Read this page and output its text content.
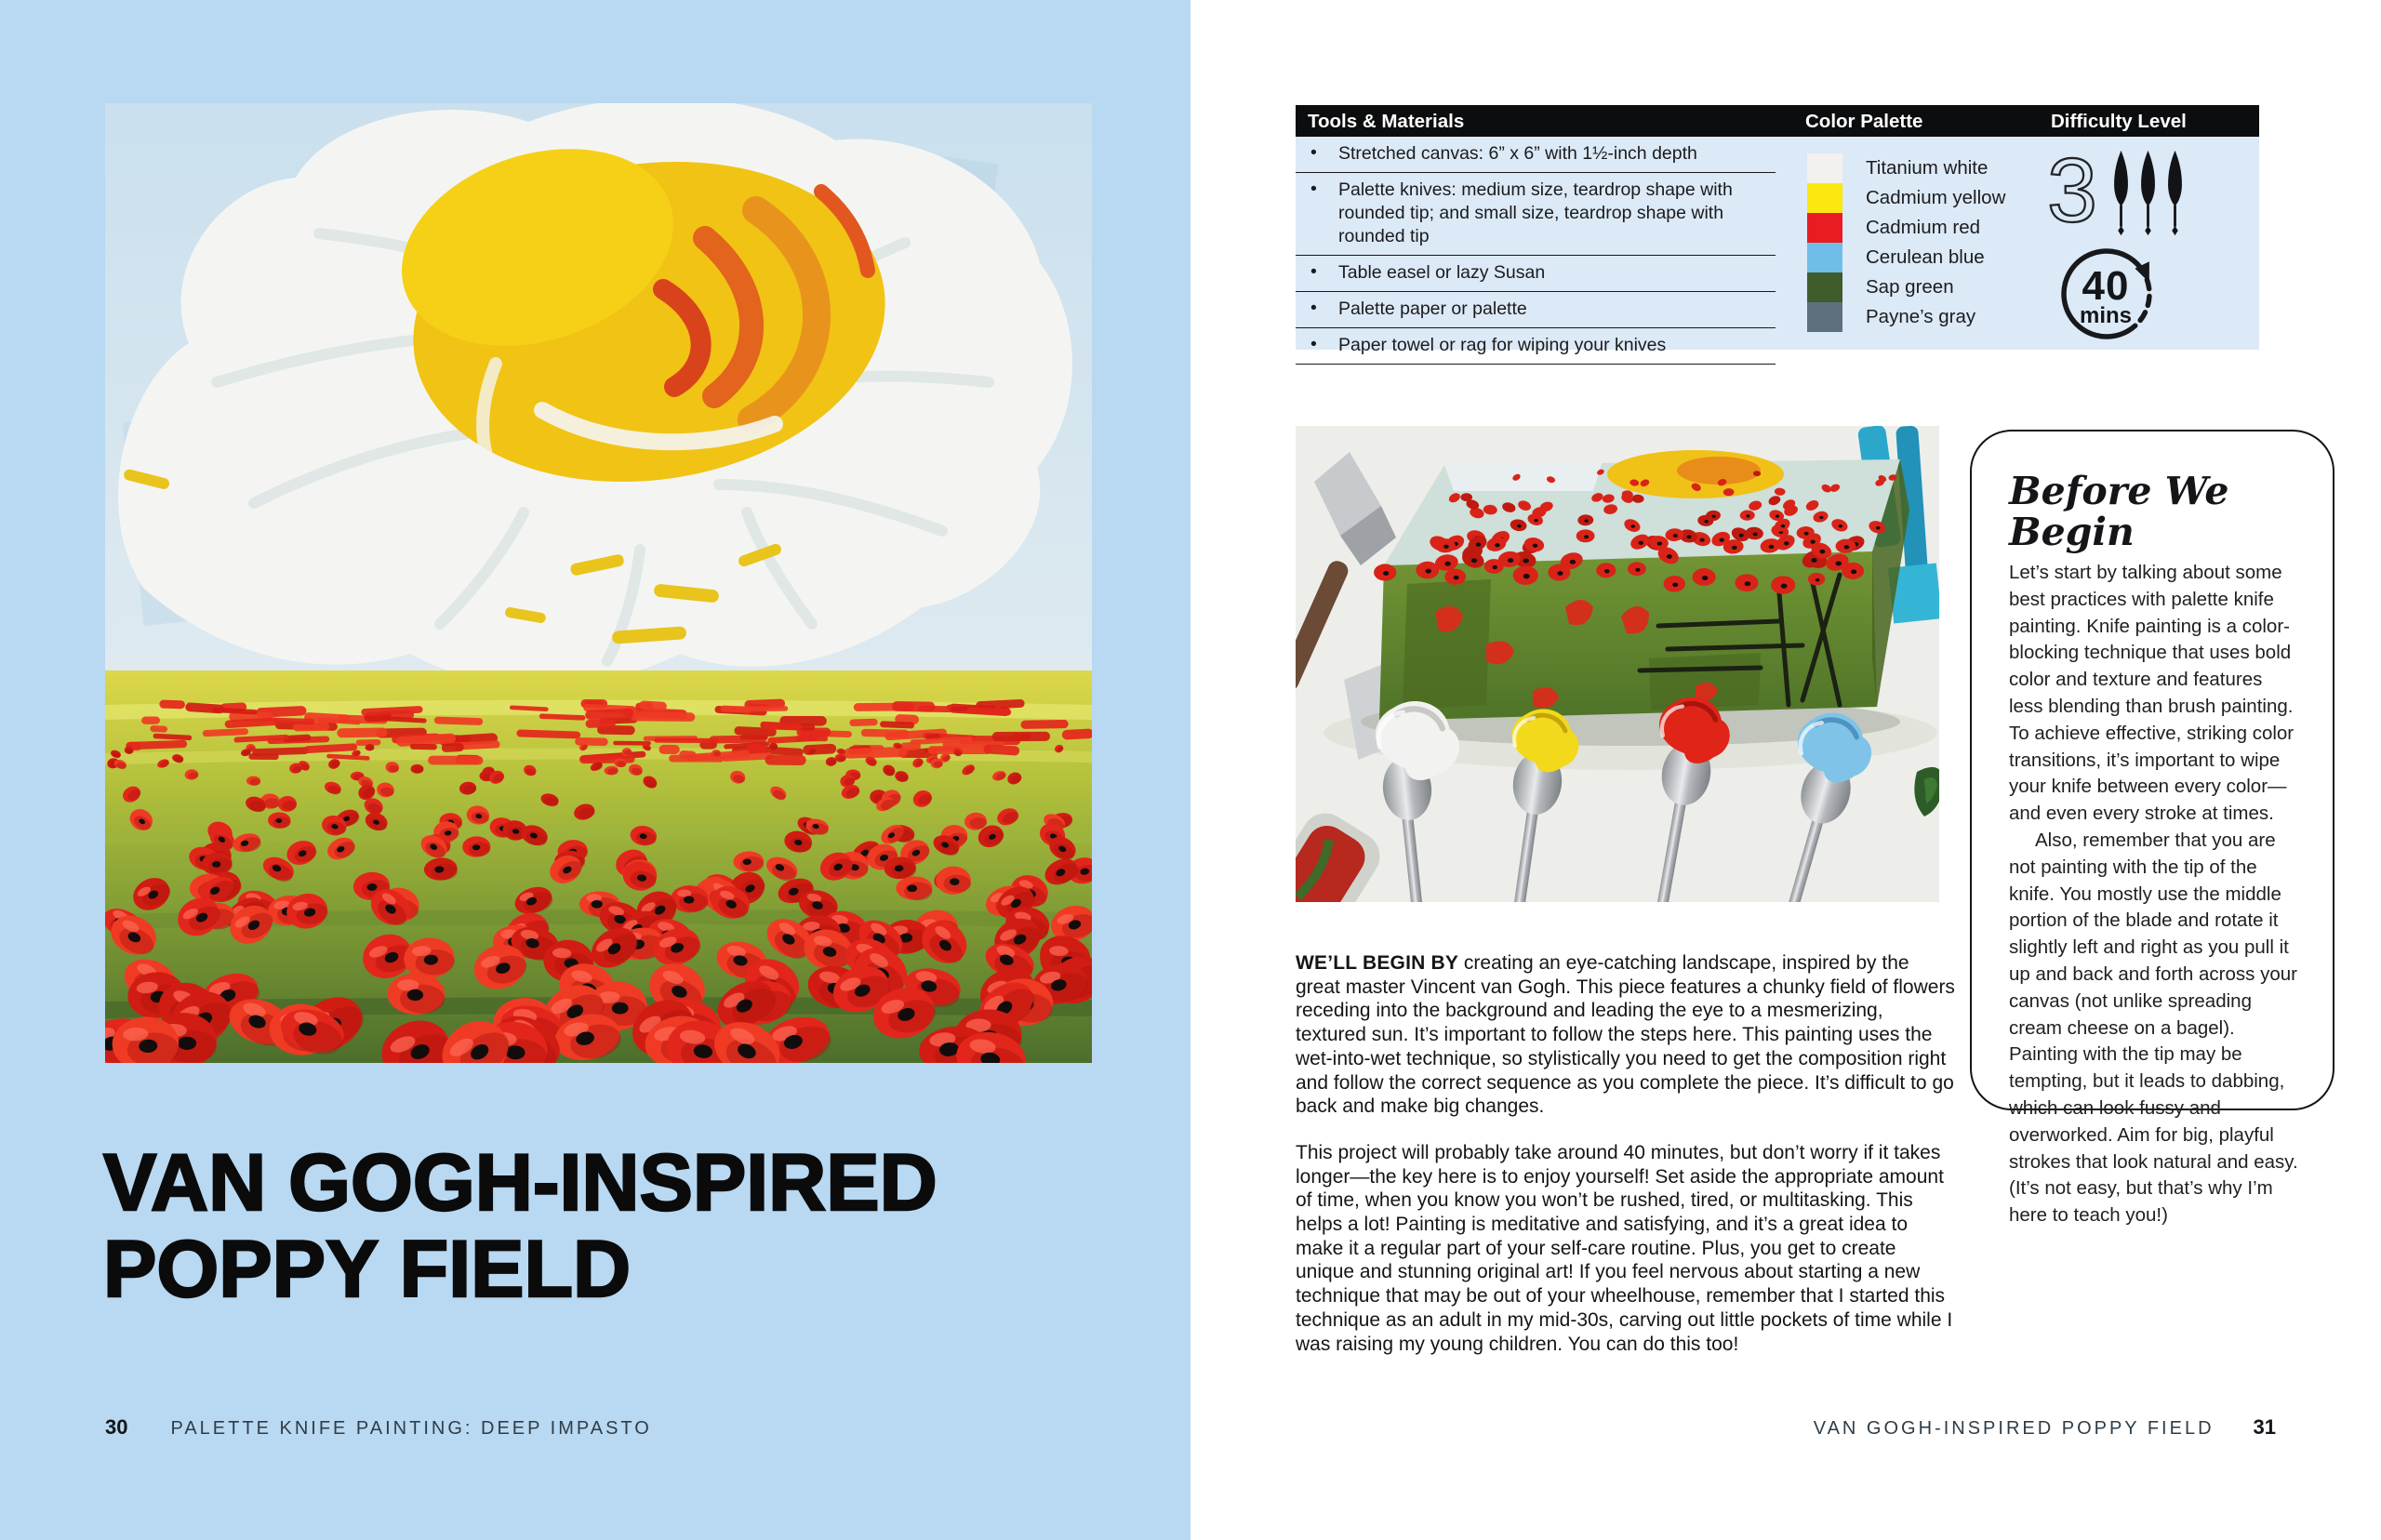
VAN GOGH-INSPIRED
POPPY FIELD
30 PALETTE KNIFE PAINTING: DEEP IMPASTO
Tools & Materials	Color Palette	Difficulty Level
• Stretched canvas: 6” x 6” with 1½-inch depth
• Palette knives: medium size, teardrop shape with rounded tip; and small size, teardrop shape with rounded tip
• Table easel or lazy Susan
• Palette paper or palette
• Paper towel or rag for wiping your knives
Titanium white
Cadmium yellow
Cadmium red
Cerulean blue
Sap green
Payne’s gray
3
40
mins
Before We Begin
Let’s start by talking about some best practices with palette knife painting. Knife painting is a color-blocking technique that uses bold color and texture and features less blending than brush painting. To achieve effective, striking color transitions, it’s important to wipe your knife between every color—and even every stroke at times.
Also, remember that you are not painting with the tip of the knife. You mostly use the middle portion of the blade and rotate it slightly left and right as you pull it up and back and forth across your canvas (not unlike spreading cream cheese on a bagel). Painting with the tip may be tempting, but it leads to dabbing, which can look fussy and overworked. Aim for big, playful strokes that look natural and easy. (It’s not easy, but that’s why I’m here to teach you!)
WE’LL BEGIN BY creating an eye-catching landscape, inspired by the great master Vincent van Gogh. This piece features a chunky field of flowers receding into the background and leading the eye to a mesmerizing, textured sun. It’s important to follow the steps here. This painting uses the wet-into-wet technique, so stylistically you need to get the composition right and follow the correct sequence as you complete the piece. It’s difficult to go back and make big changes.
This project will probably take around 40 minutes, but don’t worry if it takes longer—the key here is to enjoy yourself! Set aside the appropriate amount of time, when you know you won’t be rushed, tired, or multitasking. This helps a lot! Painting is meditative and satisfying, and it’s a great idea to make it a regular part of your self-care routine. Plus, you get to create unique and stunning original art! If you feel nervous about starting a new technique that may be out of your wheelhouse, remember that I started this technique as an adult in my mid-30s, carving out little pockets of time while I was raising my young children. You can do this too!
VAN GOGH-INSPIRED POPPY FIELD 31
